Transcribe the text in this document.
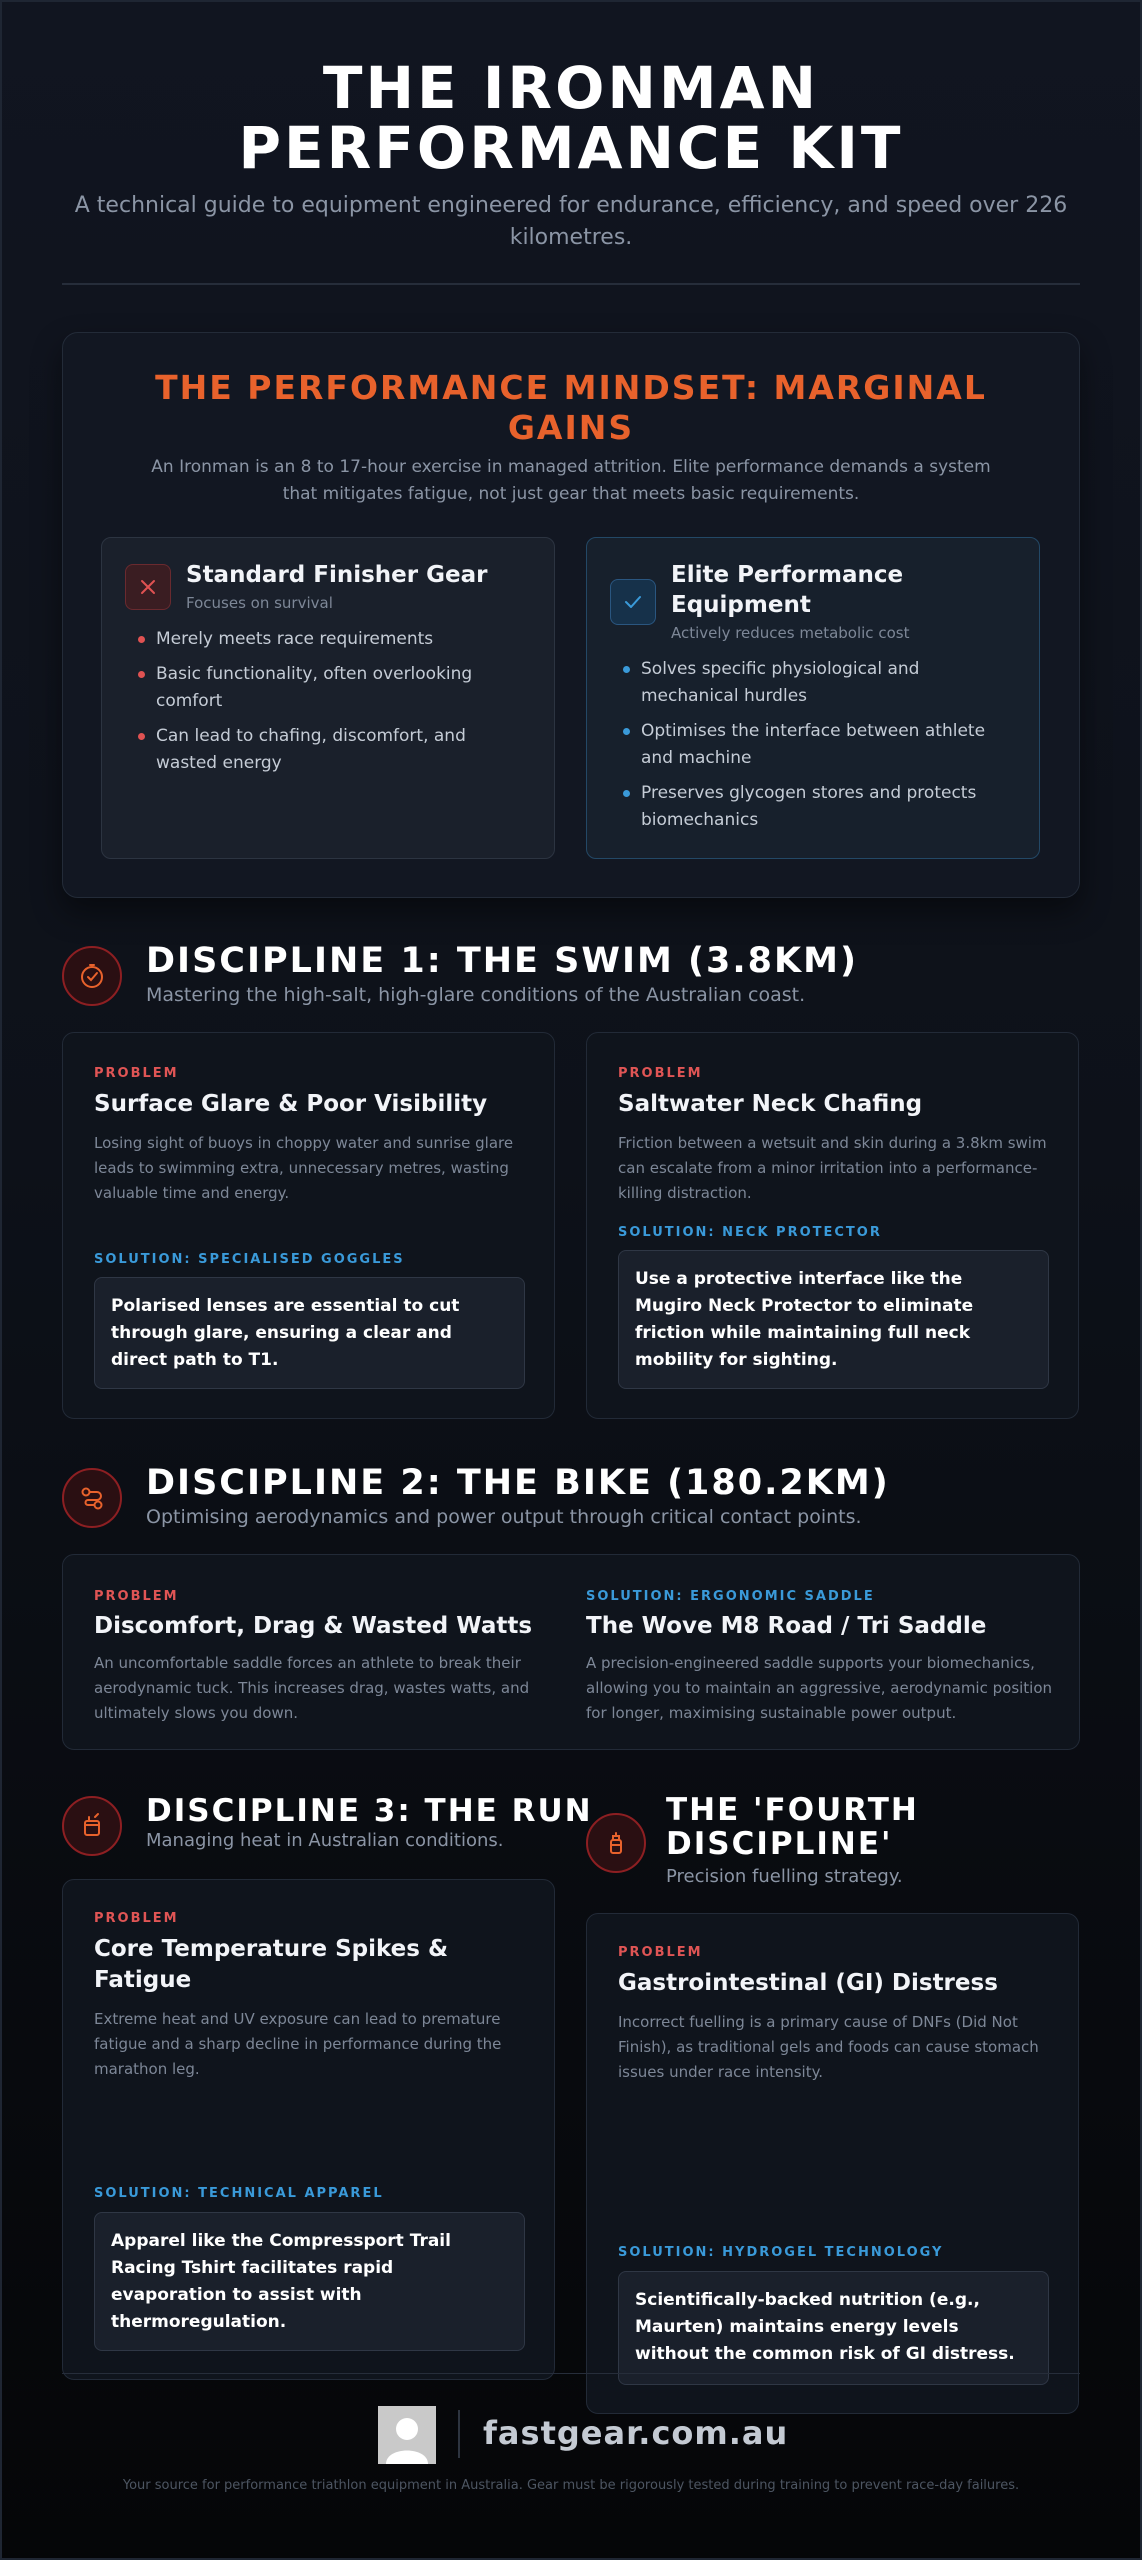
THE IRONMAN
PERFORMANCE KIT
A technical guide to equipment engineered for endurance, efficiency, and speed over 226 kilometres.
THE PERFORMANCE MINDSET: MARGINAL GAINS
An Ironman is an 8 to 17-hour exercise in managed attrition. Elite performance demands a system that mitigates fatigue, not just gear that meets basic requirements.
Standard Finisher Gear
Focuses on survival
Merely meets race requirements
Basic functionality, often overlooking comfort
Can lead to chafing, discomfort, and wasted energy
Elite Performance Equipment
Actively reduces metabolic cost
Solves specific physiological and mechanical hurdles
Optimises the interface between athlete and machine
Preserves glycogen stores and protects biomechanics
DISCIPLINE 1: THE SWIM (3.8KM)
Mastering the high-salt, high-glare conditions of the Australian coast.
PROBLEM
Surface Glare & Poor Visibility
Losing sight of buoys in choppy water and sunrise glare leads to swimming extra, unnecessary metres, wasting valuable time and energy.
SOLUTION: SPECIALISED GOGGLES
Polarised lenses are essential to cut through glare, ensuring a clear and direct path to T1.
PROBLEM
Saltwater Neck Chafing
Friction between a wetsuit and skin during a 3.8km swim can escalate from a minor irritation into a performance-killing distraction.
SOLUTION: NECK PROTECTOR
Use a protective interface like the Mugiro Neck Protector to eliminate friction while maintaining full neck mobility for sighting.
DISCIPLINE 2: THE BIKE (180.2KM)
Optimising aerodynamics and power output through critical contact points.
PROBLEM
Discomfort, Drag & Wasted Watts
An uncomfortable saddle forces an athlete to break their aerodynamic tuck. This increases drag, wastes watts, and ultimately slows you down.
SOLUTION: ERGONOMIC SADDLE
The Wove M8 Road / Tri Saddle
A precision-engineered saddle supports your biomechanics, allowing you to maintain an aggressive, aerodynamic position for longer, maximising sustainable power output.
DISCIPLINE 3: THE RUN
Managing heat in Australian conditions.
PROBLEM
Core Temperature Spikes & Fatigue
Extreme heat and UV exposure can lead to premature fatigue and a sharp decline in performance during the marathon leg.
SOLUTION: TECHNICAL APPAREL
Apparel like the Compressport Trail Racing Tshirt facilitates rapid evaporation to assist with thermoregulation.
THE 'FOURTH
DISCIPLINE'
Precision fuelling strategy.
PROBLEM
Gastrointestinal (GI) Distress
Incorrect fuelling is a primary cause of DNFs (Did Not Finish), as traditional gels and foods can cause stomach issues under race intensity.
SOLUTION: HYDROGEL TECHNOLOGY
Scientifically-backed nutrition (e.g., Maurten) maintains energy levels without the common risk of GI distress.
fastgear.com.au
Your source for performance triathlon equipment in Australia. Gear must be rigorously tested during training to prevent race-day failures.
